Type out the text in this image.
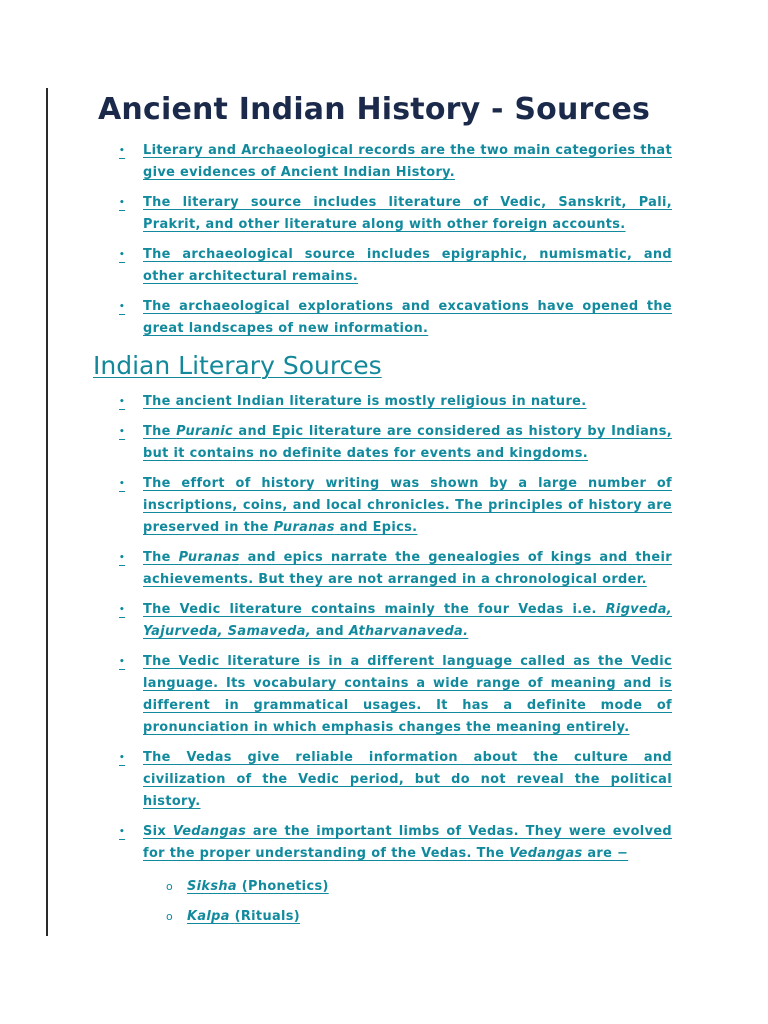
Ancient Indian History - Sources
• Literary and Archaeological records are the two main categories that give evidences of Ancient Indian History.
• The literary source includes literature of Vedic, Sanskrit, Pali, Prakrit, and other literature along with other foreign accounts.
• The archaeological source includes epigraphic, numismatic, and other architectural remains.
• The archaeological explorations and excavations have opened the great landscapes of new information.
Indian Literary Sources
• The ancient Indian literature is mostly religious in nature.
• The Puranic and Epic literature are considered as history by Indians, but it contains no definite dates for events and kingdoms.
• The effort of history writing was shown by a large number of inscriptions, coins, and local chronicles. The principles of history are preserved in the Puranas and Epics.
• The Puranas and epics narrate the genealogies of kings and their achievements. But they are not arranged in a chronological order.
• The Vedic literature contains mainly the four Vedas i.e. Rigveda, Yajurveda, Samaveda, and Atharvanaveda.
• The Vedic literature is in a different language called as the Vedic language. Its vocabulary contains a wide range of meaning and is different in grammatical usages. It has a definite mode of pronunciation in which emphasis changes the meaning entirely.
• The Vedas give reliable information about the culture and civilization of the Vedic period, but do not reveal the political history.
• Six Vedangas are the important limbs of Vedas. They were evolved for the proper understanding of the Vedas. The Vedangas are −
o Siksha (Phonetics)
o Kalpa (Rituals)
